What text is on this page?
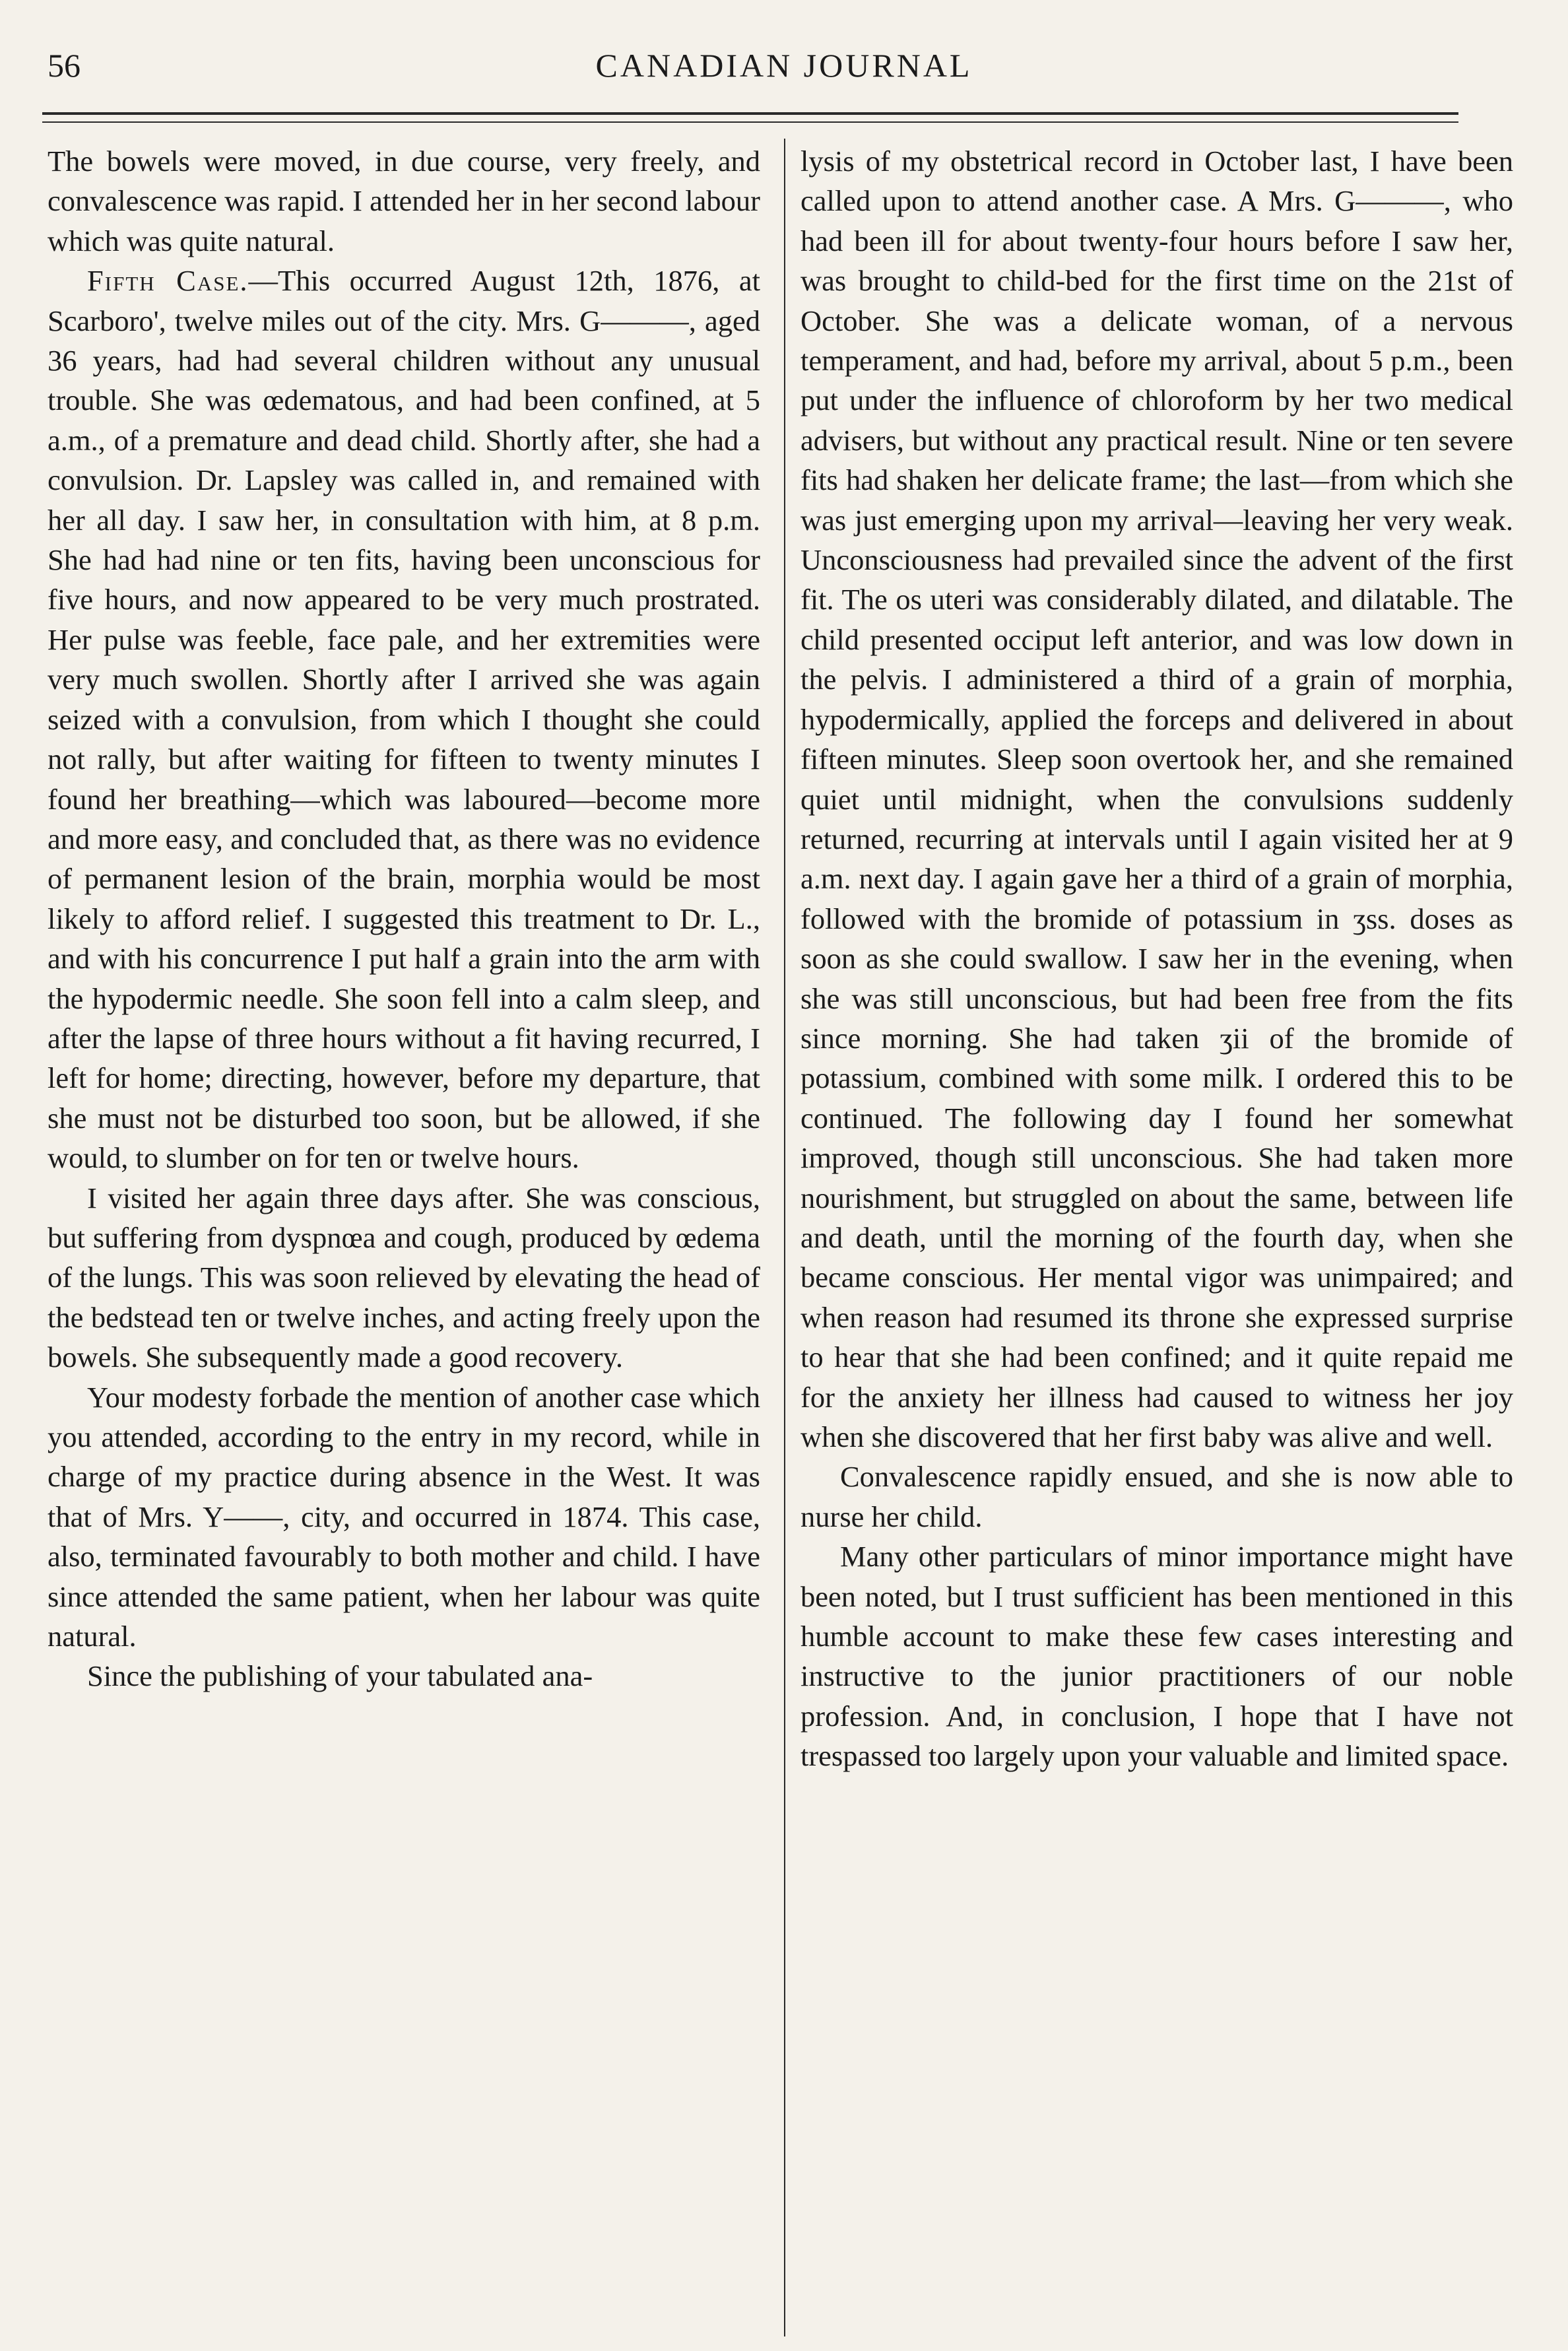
56	CANADIAN JOURNAL

The bowels were moved, in due course, very freely, and convalescence was rapid. I attended her in her second labour which was quite natural.

Fifth Case.—This occurred August 12th, 1876, at Scarboro', twelve miles out of the city. Mrs. G———, aged 36 years, had had several children without any unusual trouble. She was œdematous, and had been confined, at 5 a.m., of a premature and dead child. Shortly after, she had a convulsion. Dr. Lapsley was called in, and remained with her all day. I saw her, in consultation with him, at 8 p.m. She had had nine or ten fits, having been unconscious for five hours, and now appeared to be very much prostrated. Her pulse was feeble, face pale, and her extremities were very much swollen. Shortly after I arrived she was again seized with a convulsion, from which I thought she could not rally, but after waiting for fifteen to twenty minutes I found her breathing—which was laboured—become more and more easy, and concluded that, as there was no evidence of permanent lesion of the brain, morphia would be most likely to afford relief. I suggested this treatment to Dr. L., and with his concurrence I put half a grain into the arm with the hypodermic needle. She soon fell into a calm sleep, and after the lapse of three hours without a fit having recurred, I left for home; directing, however, before my departure, that she must not be disturbed too soon, but be allowed, if she would, to slumber on for ten or twelve hours.

I visited her again three days after. She was conscious, but suffering from dyspnœa and cough, produced by œdema of the lungs. This was soon relieved by elevating the head of the bedstead ten or twelve inches, and acting freely upon the bowels. She subsequently made a good recovery.

Your modesty forbade the mention of another case which you attended, according to the entry in my record, while in charge of my practice during absence in the West. It was that of Mrs. Y——, city, and occurred in 1874. This case, also, terminated favourably to both mother and child. I have since attended the same patient, when her labour was quite natural.

Since the publishing of your tabulated ana-

lysis of my obstetrical record in October last, I have been called upon to attend another case. A Mrs. G———, who had been ill for about twenty-four hours before I saw her, was brought to child-bed for the first time on the 21st of October. She was a delicate woman, of a nervous temperament, and had, before my arrival, about 5 p.m., been put under the influence of chloroform by her two medical advisers, but without any practical result. Nine or ten severe fits had shaken her delicate frame; the last—from which she was just emerging upon my arrival—leaving her very weak. Unconsciousness had prevailed since the advent of the first fit. The os uteri was considerably dilated, and dilatable. The child presented occiput left anterior, and was low down in the pelvis. I administered a third of a grain of morphia, hypodermically, applied the forceps and delivered in about fifteen minutes. Sleep soon overtook her, and she remained quiet until midnight, when the convulsions suddenly returned, recurring at intervals until I again visited her at 9 a.m. next day. I again gave her a third of a grain of morphia, followed with the bromide of potassium in ʒss. doses as soon as she could swallow. I saw her in the evening, when she was still unconscious, but had been free from the fits since morning. She had taken ʒii of the bromide of potassium, combined with some milk. I ordered this to be continued. The following day I found her somewhat improved, though still unconscious. She had taken more nourishment, but struggled on about the same, between life and death, until the morning of the fourth day, when she became conscious. Her mental vigor was unimpaired; and when reason had resumed its throne she expressed surprise to hear that she had been confined; and it quite repaid me for the anxiety her illness had caused to witness her joy when she discovered that her first baby was alive and well.

Convalescence rapidly ensued, and she is now able to nurse her child.

Many other particulars of minor importance might have been noted, but I trust sufficient has been mentioned in this humble account to make these few cases interesting and instructive to the junior practitioners of our noble profession. And, in conclusion, I hope that I have not trespassed too largely upon your valuable and limited space.
